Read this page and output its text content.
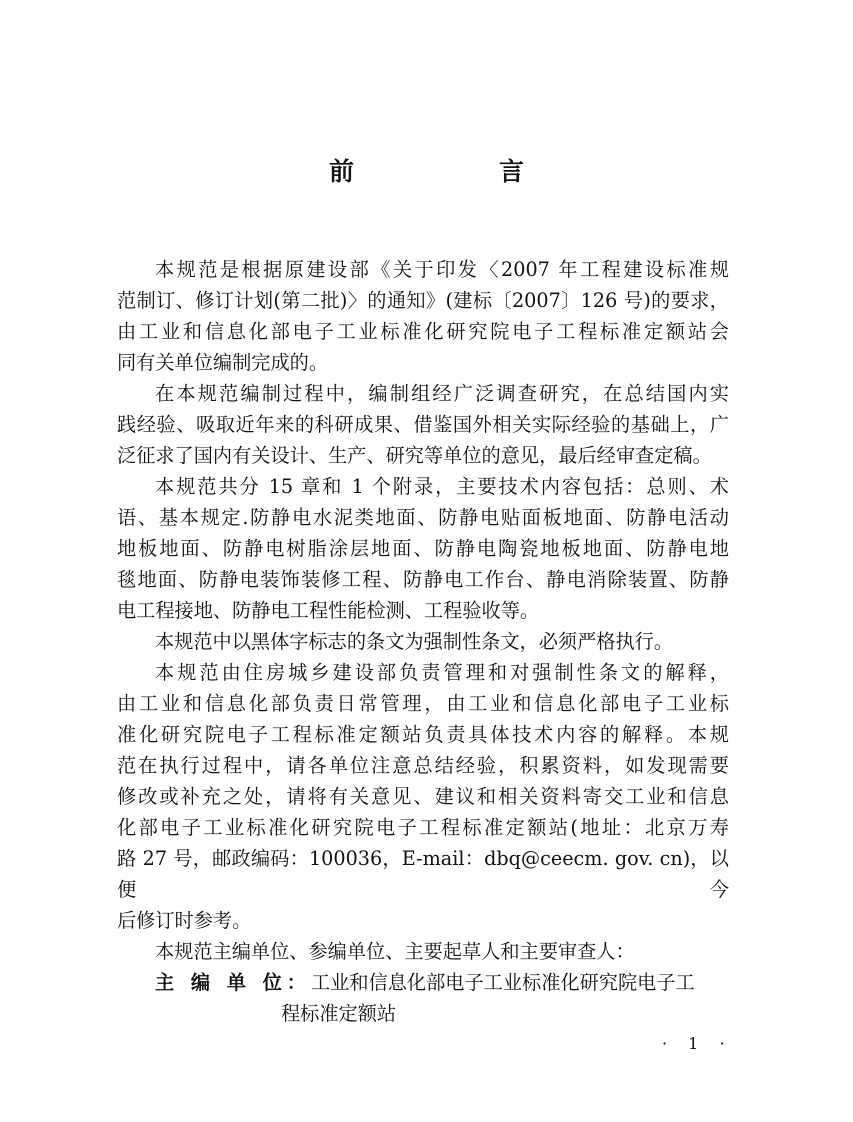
前　言

本规范是根据原建设部《关于印发〈2007 年工程建设标准规
范制订、修订计划(第二批)〉的通知》(建标〔2007〕126 号)的要求，
由工业和信息化部电子工业标准化研究院电子工程标准定额站会
同有关单位编制完成的。

在本规范编制过程中，编制组经广泛调查研究，在总结国内实
践经验、吸取近年来的科研成果、借鉴国外相关实际经验的基础上，广
泛征求了国内有关设计、生产、研究等单位的意见，最后经审查定稿。

本规范共分 15 章和 1 个附录，主要技术内容包括：总则、术
语、基本规定.防静电水泥类地面、防静电贴面板地面、防静电活动
地板地面、防静电树脂涂层地面、防静电陶瓷地板地面、防静电地
毯地面、防静电装饰装修工程、防静电工作台、静电消除装置、防静
电工程接地、防静电工程性能检测、工程验收等。

本规范中以黑体字标志的条文为强制性条文，必须严格执行。

本规范由住房城乡建设部负责管理和对强制性条文的解释，
由工业和信息化部负责日常管理，由工业和信息化部电子工业标
准化研究院电子工程标准定额站负责具体技术内容的解释。本规
范在执行过程中，请各单位注意总结经验，积累资料，如发现需要
修改或补充之处，请将有关意见、建议和相关资料寄交工业和信息
化部电子工业标准化研究院电子工程标准定额站(地址：北京万寿
路 27 号，邮政编码：100036，E-mail：dbq@ceecm. gov. cn)，以便今
后修订时参考。

本规范主编单位、参编单位、主要起草人和主要审查人：

主 编 单 位：工业和信息化部电子工业标准化研究院电子工
程标准定额站
· 1 ·
